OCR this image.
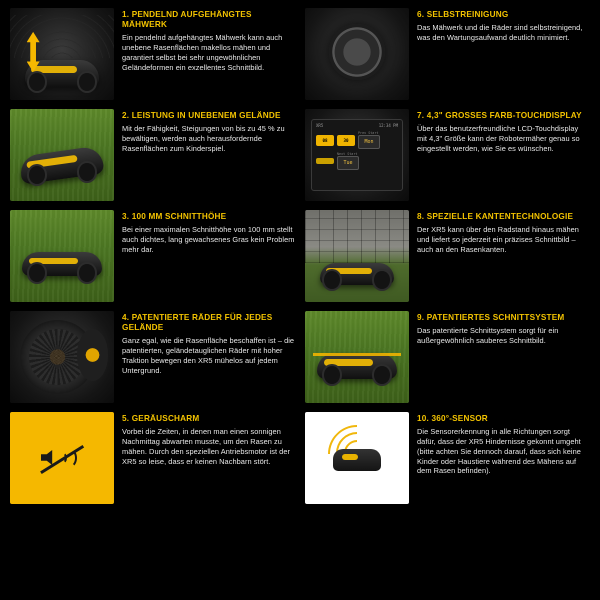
1. PENDELND AUFGEHÄNGTES MÄHWERK
Ein pendelnd aufgehängtes Mähwerk kann auch unebene Rasenflächen makellos mähen und garantiert selbst bei sehr ungewöhnlichen Geländeformen ein exzellentes Schnittbild.
2. LEISTUNG IN UNEBENEM GELÄNDE
Mit der Fähigkeit, Steigungen von bis zu 45 % zu bewältigen, werden auch herausfordernde Rasenflächen zum Kinderspiel.
3. 100 MM SCHNITTHÖHE
Bei einer maximalen Schnitthöhe von 100 mm stellt auch dichtes, lang gewachsenes Gras kein Problem mehr dar.
4. PATENTIERTE RÄDER FÜR JEDES GELÄNDE
Ganz egal, wie die Rasenfläche beschaffen ist – die patentierten, geländetauglichen Räder mit hoher Traktion bewegen den XR5 mühelos auf jedem Untergrund.
5. GERÄUSCHARM
Vorbei die Zeiten, in denen man einen sonnigen Nachmittag abwarten musste, um den Rasen zu mähen. Durch den speziellen Antriebsmotor ist der XR5 so leise, dass er keinen Nachbarn stört.
6. SELBSTREINIGUNG
Das Mähwerk und die Räder sind selbstreinigend, was den Wartungsaufwand deutlich minimiert.
XR5	12:34 PM
08	30
Prev Start
Mon
Next Start
Tue
7. 4,3" GROSSES FARB-TOUCHDISPLAY
Über das benutzerfreundliche LCD-Touchdisplay mit 4,3" Größe kann der Robotermäher genau so eingestellt werden, wie Sie es wünschen.
8. SPEZIELLE KANTENTECHNOLOGIE
Der XR5 kann über den Radstand hinaus mähen und liefert so jederzeit ein präzises Schnittbild – auch an den Rasenkanten.
9. PATENTIERTES SCHNITTSYSTEM
Das patentierte Schnittsystem sorgt für ein außergewöhnlich sauberes Schnittbild.
10. 360°-SENSOR
Die Sensorerkennung in alle Richtungen sorgt dafür, dass der XR5 Hindernisse gekonnt umgeht (bitte achten Sie dennoch darauf, dass sich keine Kinder oder Haustiere während des Mähens auf dem Rasen befinden).
